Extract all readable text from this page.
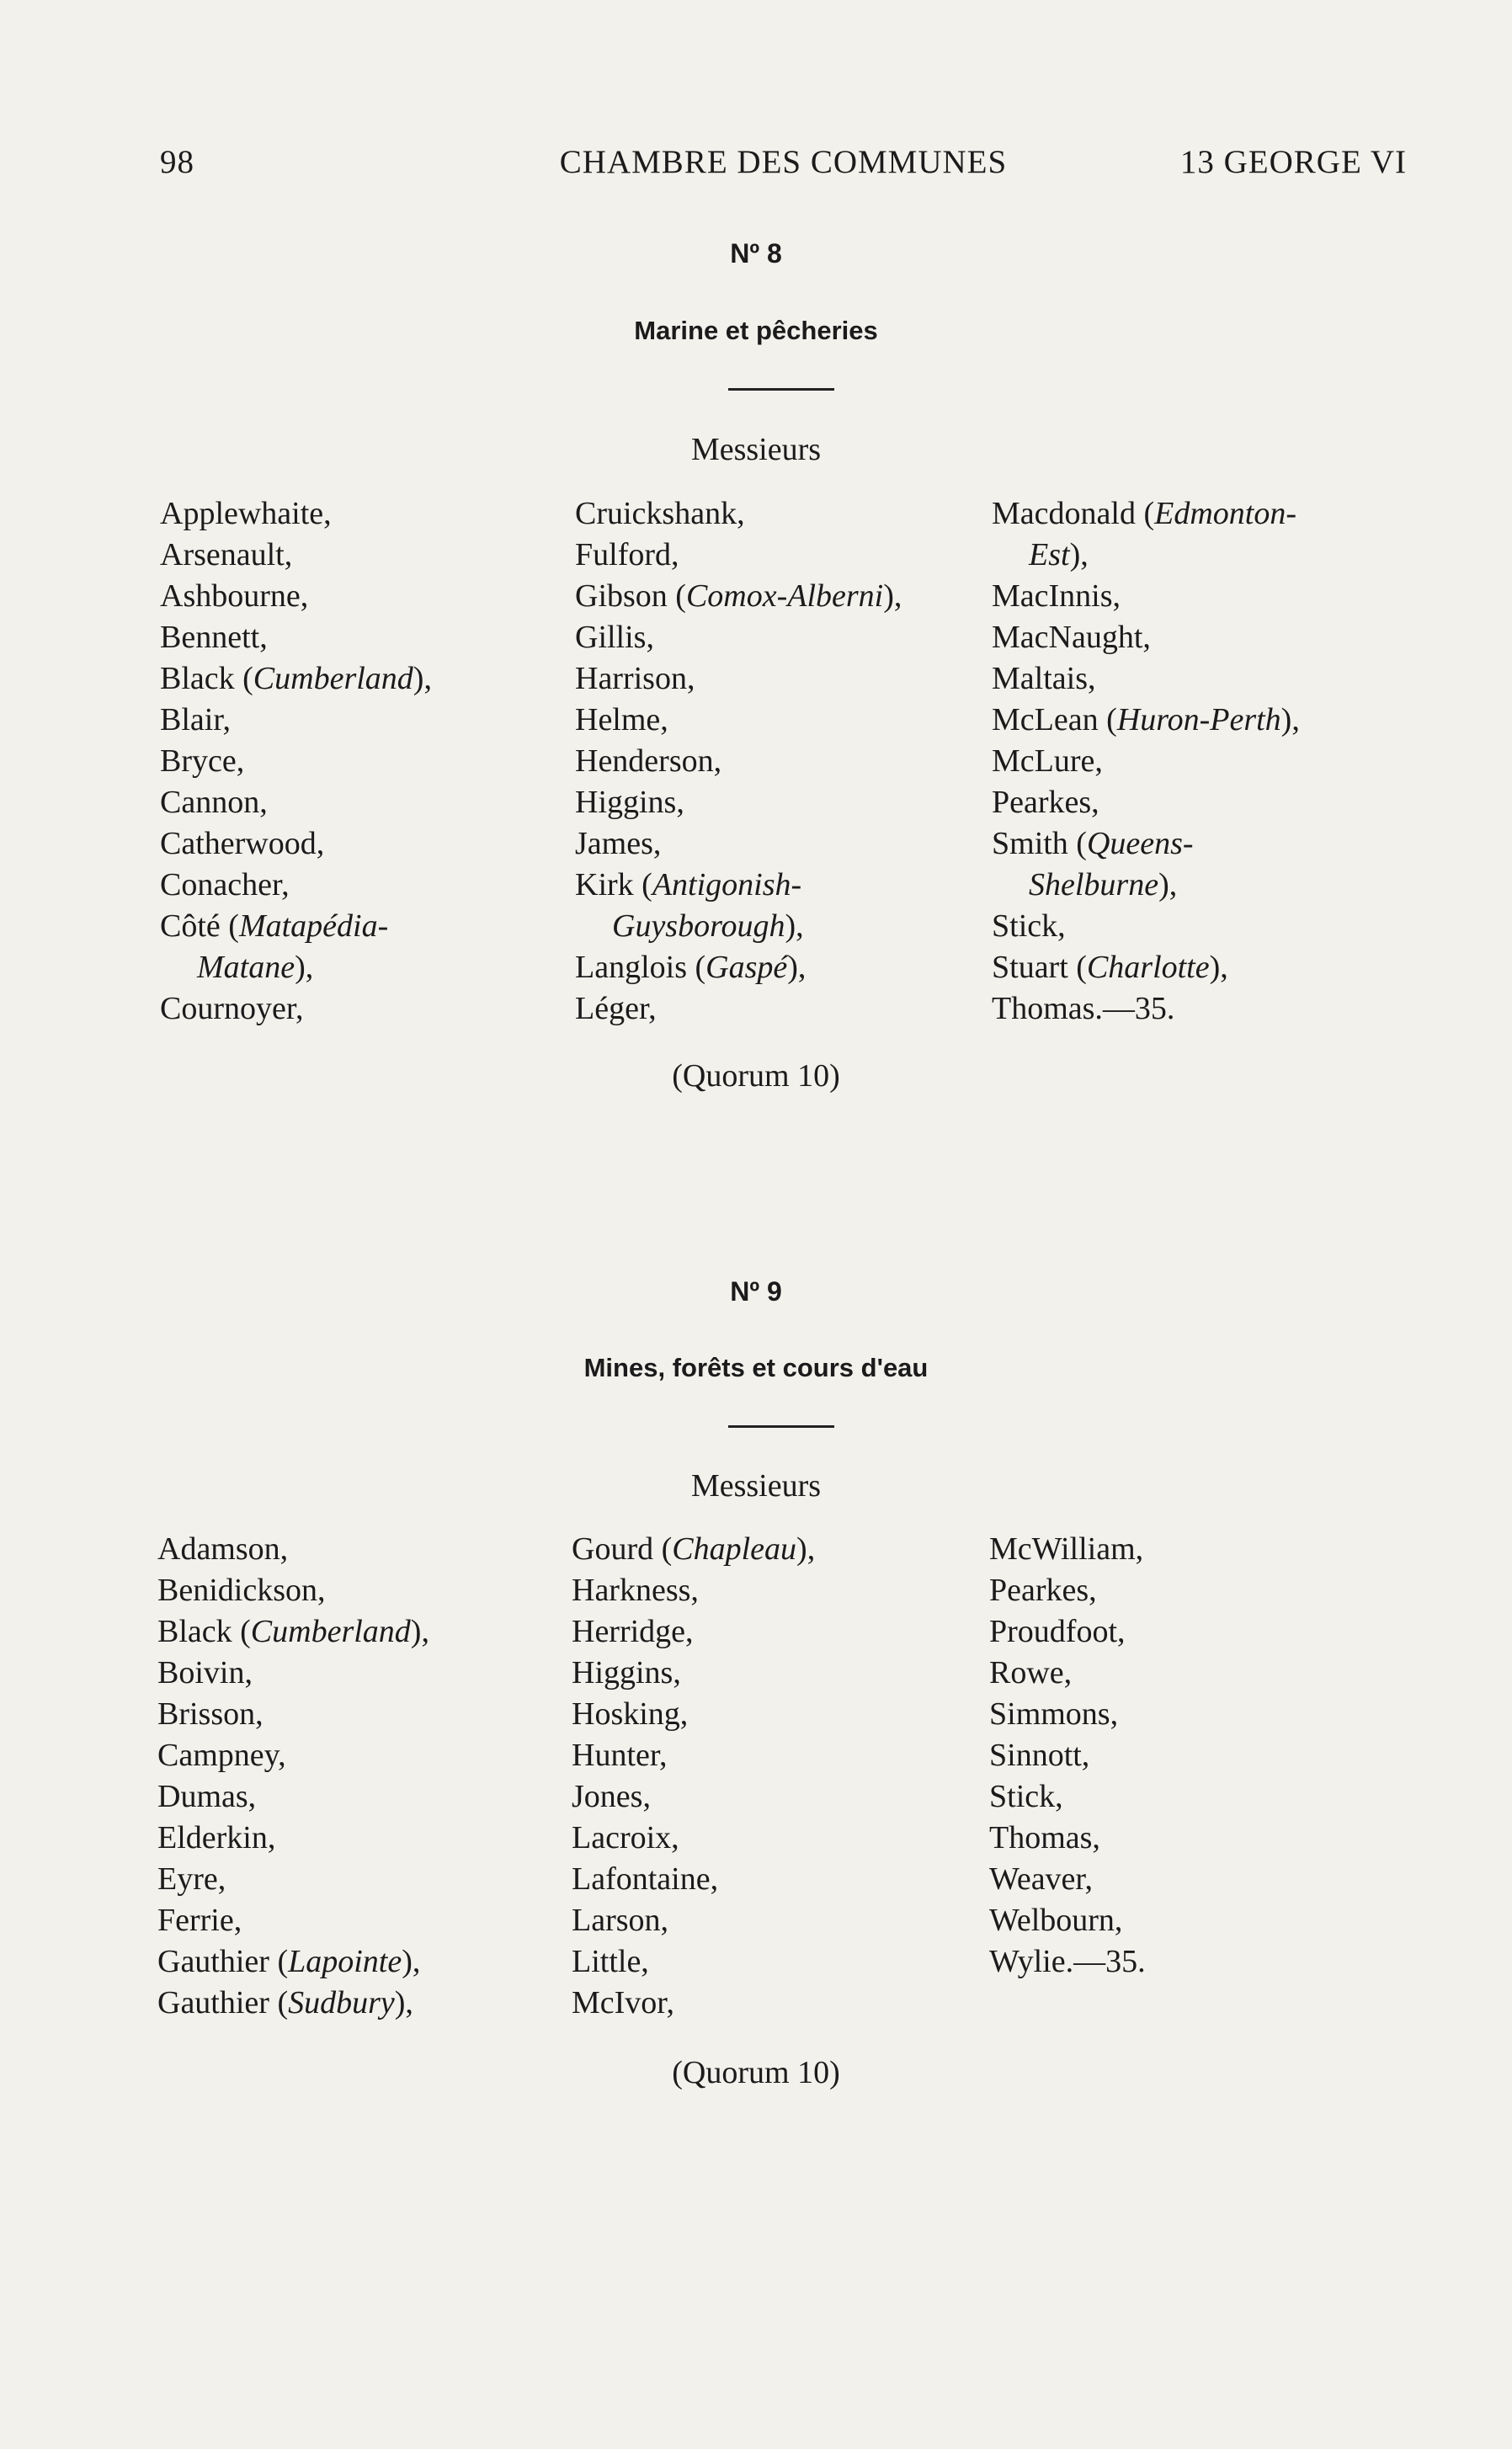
98	CHAMBRE DES COMMUNES	13 GEORGE VI
Nº 8
Marine et pêcheries
Messieurs
Applewhaite,
Arsenault,
Ashbourne,
Bennett,
Black (Cumberland),
Blair,
Bryce,
Cannon,
Catherwood,
Conacher,
Côté (Matapédia-
Matane),
Cournoyer,
Cruickshank,
Fulford,
Gibson (Comox-Alberni),
Gillis,
Harrison,
Helme,
Henderson,
Higgins,
James,
Kirk (Antigonish-
Guysborough),
Langlois (Gaspé),
Léger,
Macdonald (Edmonton-
Est),
MacInnis,
MacNaught,
Maltais,
McLean (Huron-Perth),
McLure,
Pearkes,
Smith (Queens-
Shelburne),
Stick,
Stuart (Charlotte),
Thomas.—35.
(Quorum 10)
Nº 9
Mines, forêts et cours d'eau
Messieurs
Adamson,
Benidickson,
Black (Cumberland),
Boivin,
Brisson,
Campney,
Dumas,
Elderkin,
Eyre,
Ferrie,
Gauthier (Lapointe),
Gauthier (Sudbury),
Gourd (Chapleau),
Harkness,
Herridge,
Higgins,
Hosking,
Hunter,
Jones,
Lacroix,
Lafontaine,
Larson,
Little,
McIvor,
McWilliam,
Pearkes,
Proudfoot,
Rowe,
Simmons,
Sinnott,
Stick,
Thomas,
Weaver,
Welbourn,
Wylie.—35.
(Quorum 10)
